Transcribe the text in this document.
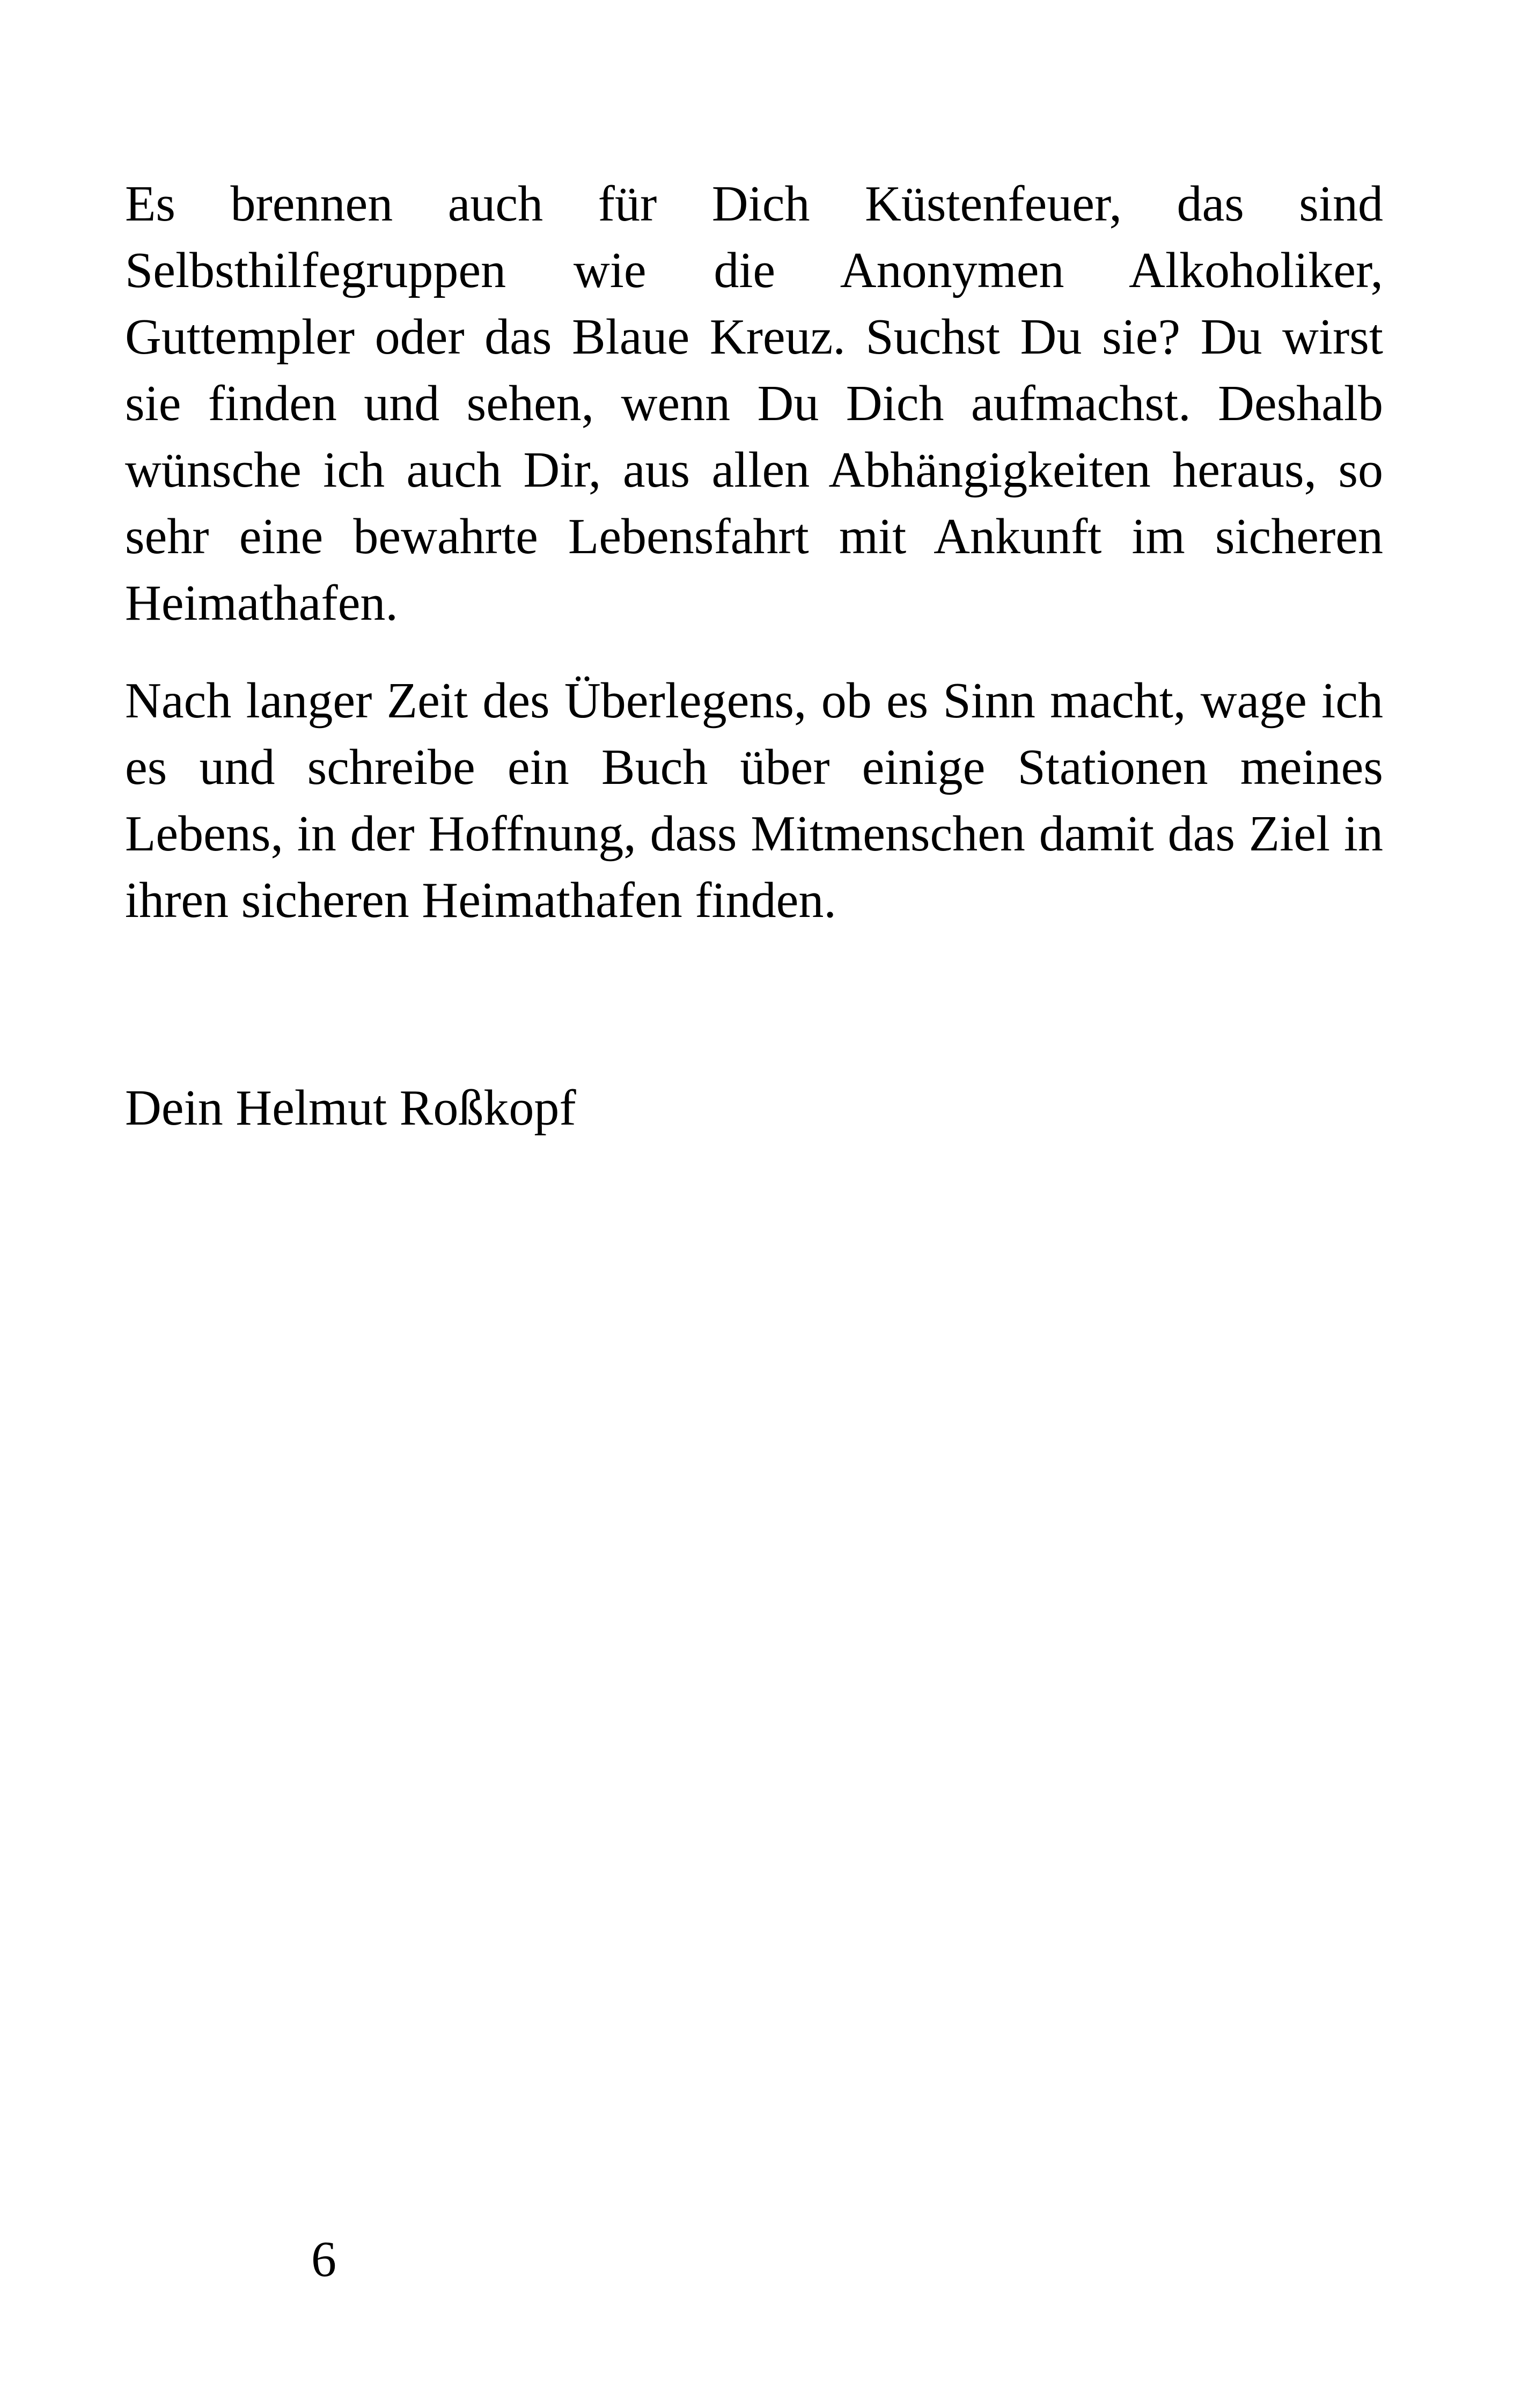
Es brennen auch für Dich Küstenfeuer, das sind Selbsthilfegruppen wie die Anonymen Alkoholiker, Guttempler oder das Blaue Kreuz. Suchst Du sie? Du wirst sie finden und sehen, wenn Du Dich aufmachst. Deshalb wünsche ich auch Dir, aus allen Abhängigkeiten heraus, so sehr eine bewahrte Lebensfahrt mit Ankunft im sicheren Heimathafen.

Nach langer Zeit des Überlegens, ob es Sinn macht, wage ich es und schreibe ein Buch über einige Stationen meines Lebens, in der Hoffnung, dass Mitmenschen damit das Ziel in ihren sicheren Heimathafen finden.

Dein Helmut Roßkopf

6
